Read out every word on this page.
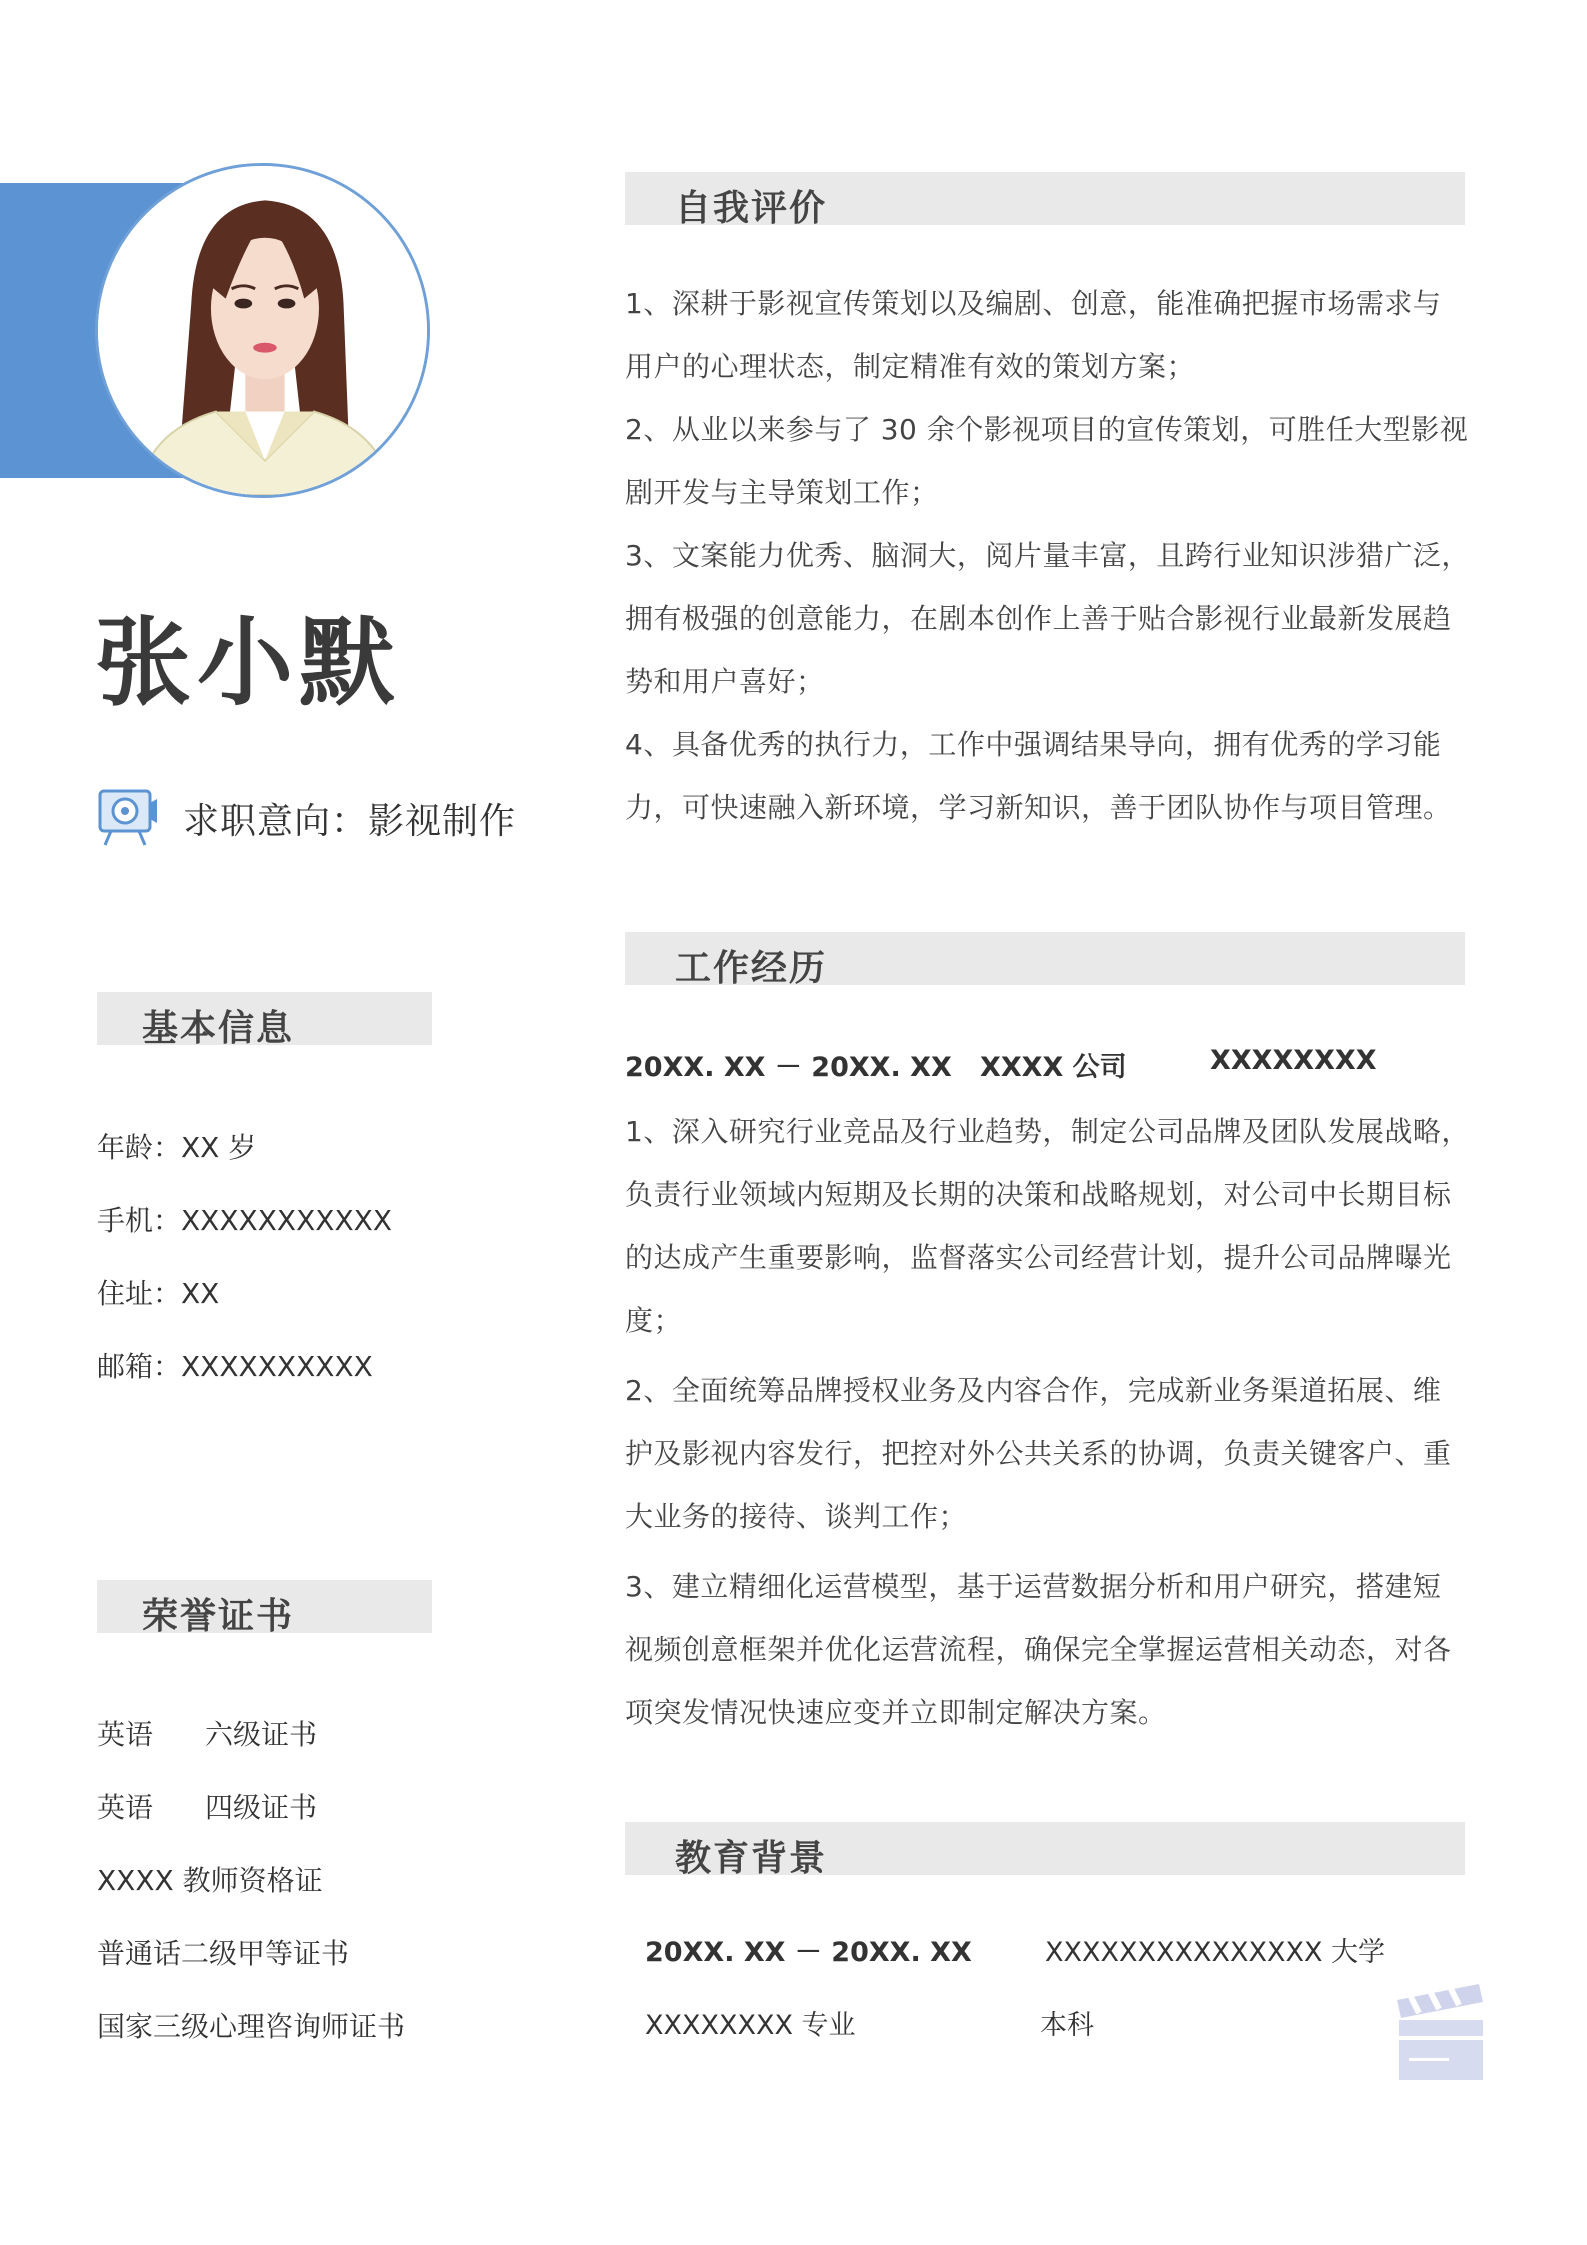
张小默
求职意向：影视制作
基本信息
年龄：XX 岁
手机：XXXXXXXXXXX
住址：XX
邮箱：XXXXXXXXXX
荣誉证书
英语 六级证书
英语 四级证书
XXXX 教师资格证
普通话二级甲等证书
国家三级心理咨询师证书
自我评价

1、深耕于影视宣传策划以及编剧、创意，能准确把握市场需求与

用户的心理状态，制定精准有效的策划方案；

2、从业以来参与了 30 余个影视项目的宣传策划，可胜任大型影视

剧开发与主导策划工作；

3、文案能力优秀、脑洞大，阅片量丰富，且跨行业知识涉猎广泛，

拥有极强的创意能力，在剧本创作上善于贴合影视行业最新发展趋

势和用户喜好；

4、具备优秀的执行力，工作中强调结果导向，拥有优秀的学习能

力，可快速融入新环境，学习新知识，善于团队协作与项目管理。

工作经历
20XX. XX － 20XX. XX XXXX 公司	XXXXXXXX

1、深入研究行业竞品及行业趋势，制定公司品牌及团队发展战略，

负责行业领域内短期及长期的决策和战略规划，对公司中长期目标

的达成产生重要影响，监督落实公司经营计划，提升公司品牌曝光

度；

2、全面统筹品牌授权业务及内容合作，完成新业务渠道拓展、维

护及影视内容发行，把控对外公共关系的协调，负责关键客户、重

大业务的接待、谈判工作；

3、建立精细化运营模型，基于运营数据分析和用户研究，搭建短

视频创意框架并优化运营流程，确保完全掌握运营相关动态，对各

项突发情况快速应变并立即制定解决方案。

教育背景
20XX. XX － 20XX. XX	XXXXXXXXXXXXXXX 大学
XXXXXXXX 专业	本科
